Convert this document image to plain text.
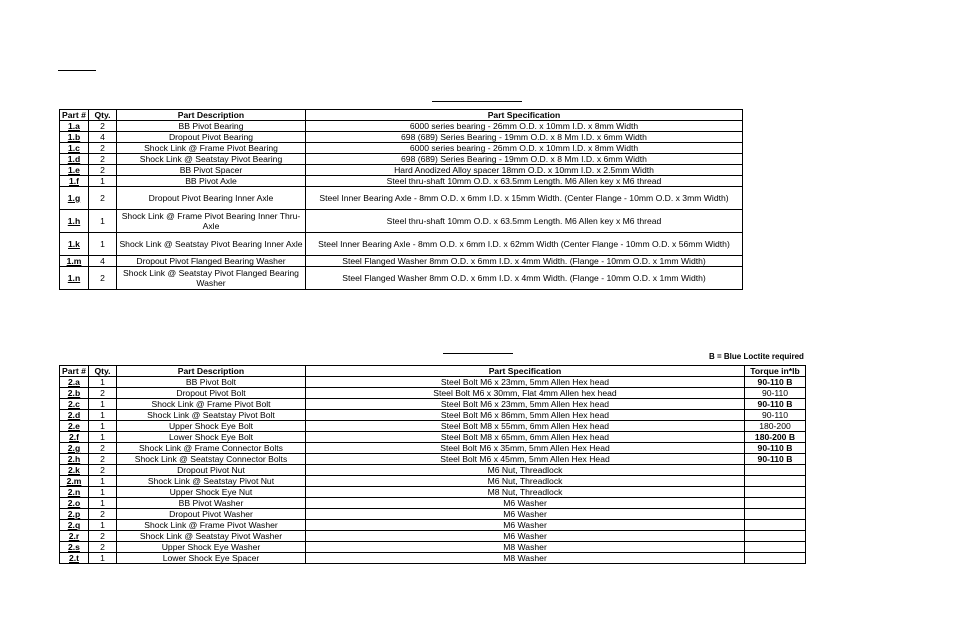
B = Blue Loctite required
Part #	Qty.	Part Description	Part Specification
1.a	2	BB Pivot Bearing	6000 series bearing - 26mm O.D. x 10mm I.D. x 8mm Width
1.b	4	Dropout Pivot Bearing	698 (689) Series Bearing - 19mm O.D. x 8 Mm I.D. x 6mm Width
1.c	2	Shock Link @ Frame Pivot Bearing	6000 series bearing - 26mm O.D. x 10mm I.D. x 8mm Width
1.d	2	Shock Link @ Seatstay Pivot Bearing	698 (689) Series Bearing - 19mm O.D. x 8 Mm I.D. x 6mm Width
1.e	2	BB Pivot Spacer	Hard Anodized Alloy spacer 18mm O.D. x 10mm I.D. x 2.5mm Width
1.f	1	BB Pivot Axle	Steel thru-shaft 10mm O.D. x 63.5mm Length. M6 Allen key x M6 thread
1.g	2	Dropout Pivot Bearing Inner Axle	Steel Inner Bearing Axle - 8mm O.D. x 6mm I.D. x 15mm Width. (Center Flange - 10mm O.D. x 3mm Width)
1.h	1	Shock Link @ Frame Pivot Bearing Inner Thru-Axle	Steel thru-shaft 10mm O.D. x 63.5mm Length. M6 Allen key x M6 thread
1.k	1	Shock Link @ Seatstay Pivot Bearing Inner Axle	Steel Inner Bearing Axle - 8mm O.D. x 6mm I.D. x 62mm Width (Center Flange - 10mm O.D. x 56mm Width)
1.m	4	Dropout Pivot Flanged Bearing Washer	Steel Flanged Washer 8mm O.D. x 6mm I.D. x 4mm Width. (Flange - 10mm O.D. x 1mm Width)
1.n	2	Shock Link @ Seatstay Pivot Flanged Bearing Washer	Steel Flanged Washer 8mm O.D. x 6mm I.D. x 4mm Width. (Flange - 10mm O.D. x 1mm Width)
Part #	Qty.	Part Description	Part Specification	Torque in*lb
2.a	1	BB Pivot Bolt	Steel Bolt M6 x 23mm, 5mm Allen Hex head	90-110 B
2.b	2	Dropout Pivot Bolt	Steel Bolt M6 x 30mm, Flat 4mm Allen hex head	90-110
2.c	1	Shock Link @ Frame Pivot Bolt	Steel Bolt M6 x 23mm, 5mm Allen Hex head	90-110 B
2.d	1	Shock Link @ Seatstay Pivot Bolt	Steel Bolt M6 x 86mm, 5mm Allen Hex head	90-110
2.e	1	Upper Shock Eye Bolt	Steel Bolt M8 x 55mm, 6mm Allen Hex head	180-200
2.f	1	Lower Shock Eye Bolt	Steel Bolt M8 x 65mm, 6mm Allen Hex head	180-200 B
2.g	2	Shock Link @ Frame Connector Bolts	Steel Bolt M6 x 35mm, 5mm Allen Hex Head	90-110 B
2.h	2	Shock Link @ Seatstay Connector Bolts	Steel Bolt M6 x 45mm, 5mm Allen Hex Head	90-110 B
2.k	2	Dropout Pivot Nut	M6 Nut, Threadlock	
2.m	1	Shock Link @ Seatstay Pivot Nut	M6 Nut, Threadlock	
2.n	1	Upper Shock Eye Nut	M8 Nut, Threadlock	
2.o	1	BB Pivot Washer	M6 Washer	
2.p	2	Dropout Pivot Washer	M6 Washer	
2.q	1	Shock Link @ Frame Pivot Washer	M6 Washer	
2.r	2	Shock Link @ Seatstay Pivot Washer	M6 Washer	
2.s	2	Upper Shock Eye Washer	M8 Washer	
2.t	1	Lower Shock Eye Spacer	M8 Washer	
